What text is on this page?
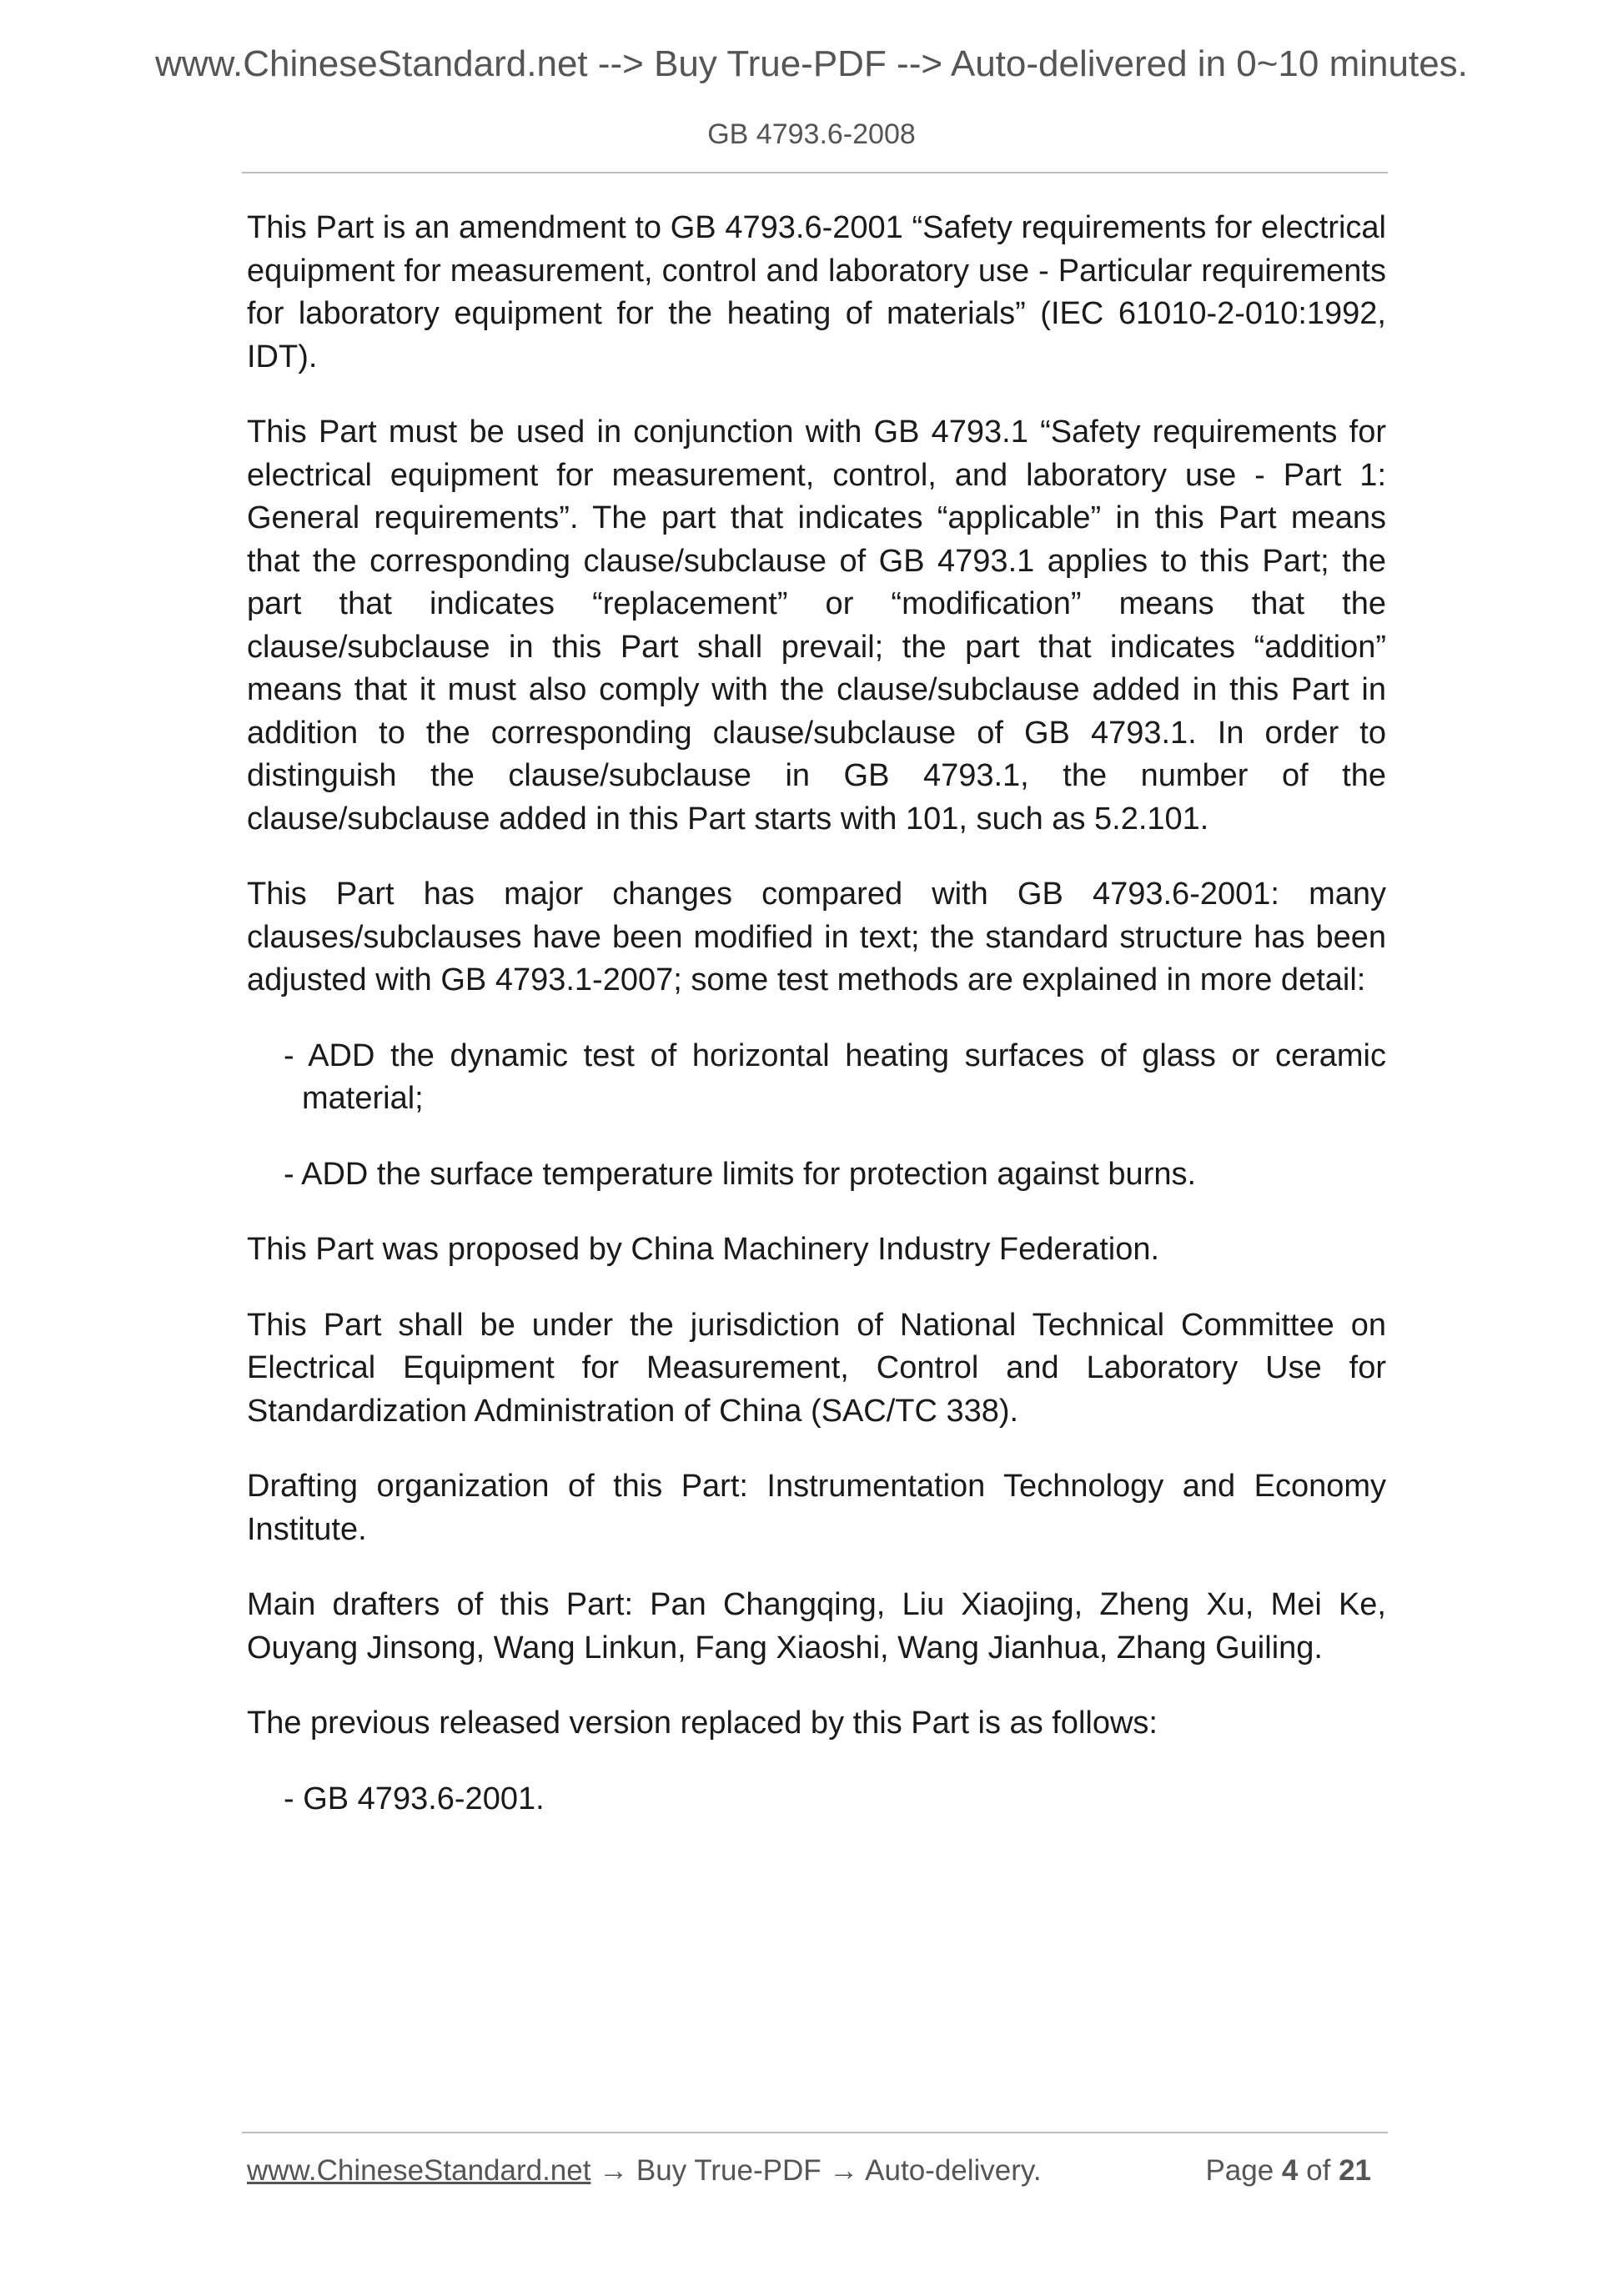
www.ChineseStandard.net --> Buy True-PDF --> Auto-delivered in 0~10 minutes.
GB 4793.6-2008

This Part is an amendment to GB 4793.6-2001 “Safety requirements for electrical equipment for measurement, control and laboratory use - Particular requirements for laboratory equipment for the heating of materials” (IEC 61010-2-010:1992, IDT).

This Part must be used in conjunction with GB 4793.1 “Safety requirements for electrical equipment for measurement, control, and laboratory use - Part 1: General requirements”. The part that indicates “applicable” in this Part means that the corresponding clause/subclause of GB 4793.1 applies to this Part; the part that indicates “replacement” or “modification” means that the clause/subclause in this Part shall prevail; the part that indicates “addition” means that it must also comply with the clause/subclause added in this Part in addition to the corresponding clause/subclause of GB 4793.1. In order to distinguish the clause/subclause in GB 4793.1, the number of the clause/subclause added in this Part starts with 101, such as 5.2.101.

This Part has major changes compared with GB 4793.6-2001: many clauses/subclauses have been modified in text; the standard structure has been adjusted with GB 4793.1-2007; some test methods are explained in more detail:

- ADD the dynamic test of horizontal heating surfaces of glass or ceramic material;

- ADD the surface temperature limits for protection against burns.

This Part was proposed by China Machinery Industry Federation.

This Part shall be under the jurisdiction of National Technical Committee on Electrical Equipment for Measurement, Control and Laboratory Use for Standardization Administration of China (SAC/TC 338).

Drafting organization of this Part: Instrumentation Technology and Economy Institute.

Main drafters of this Part: Pan Changqing, Liu Xiaojing, Zheng Xu, Mei Ke, Ouyang Jinsong, Wang Linkun, Fang Xiaoshi, Wang Jianhua, Zhang Guiling.

The previous released version replaced by this Part is as follows:

- GB 4793.6-2001.

www.ChineseStandard.net → Buy True-PDF → Auto-delivery.	Page 4 of 21
